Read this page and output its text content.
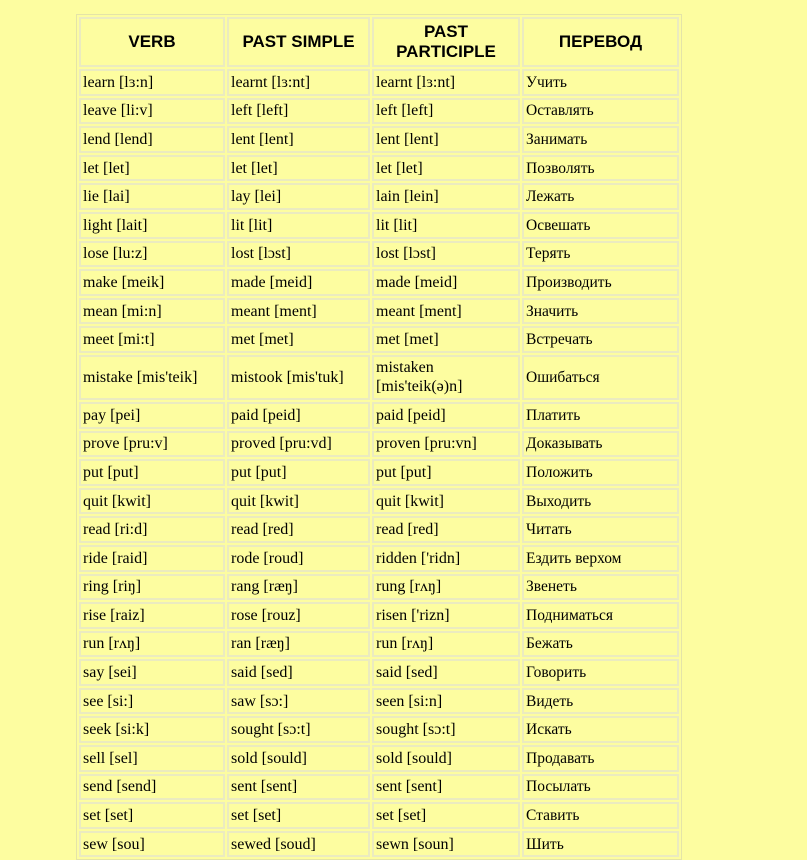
VERB	PAST SIMPLE	PAST PARTICIPLE	ПЕРЕВОД
learn [lɜ:n]	learnt [lɜ:nt]	learnt [lɜ:nt]	Учить
leave [li:v]	left [left]	left [left]	Оставлять
lend [lend]	lent [lent]	lent [lent]	Занимать
let [let]	let [let]	let [let]	Позволять
lie [lai]	lay [lei]	lain [lein]	Лежать
light [lait]	lit [lit]	lit [lit]	Освешать
lose [lu:z]	lost [lɔst]	lost [lɔst]	Терять
make [meik]	made [meid]	made [meid]	Производить
mean [mi:n]	meant [ment]	meant [ment]	Значить
meet [mi:t]	met [met]	met [met]	Встречать
mistake [mis'teik]	mistook [mis'tuk]	mistaken [mis'teik(ə)n]	Ошибаться
pay [pei]	paid [peid]	paid [peid]	Платить
prove [pru:v]	proved [pru:vd]	proven [pru:vn]	Доказывать
put [put]	put [put]	put [put]	Положить
quit [kwit]	quit [kwit]	quit [kwit]	Выходить
read [ri:d]	read [red]	read [red]	Читать
ride [raid]	rode [roud]	ridden ['ridn]	Ездить верхом
ring [riŋ]	rang [ræŋ]	rung [rʌŋ]	Звенеть
rise [raiz]	rose [rouz]	risen ['rizn]	Подниматься
run [rʌŋ]	ran [ræŋ]	run [rʌŋ]	Бежать
say [sei]	said [sed]	said [sed]	Говорить
see [si:]	saw [sɔ:]	seen [si:n]	Видеть
seek [si:k]	sought [sɔ:t]	sought [sɔ:t]	Искать
sell [sel]	sold [sould]	sold [sould]	Продавать
send [send]	sent [sent]	sent [sent]	Посылать
set [set]	set [set]	set [set]	Ставить
sew [sou]	sewed [soud]	sewn [soun]	Шить
